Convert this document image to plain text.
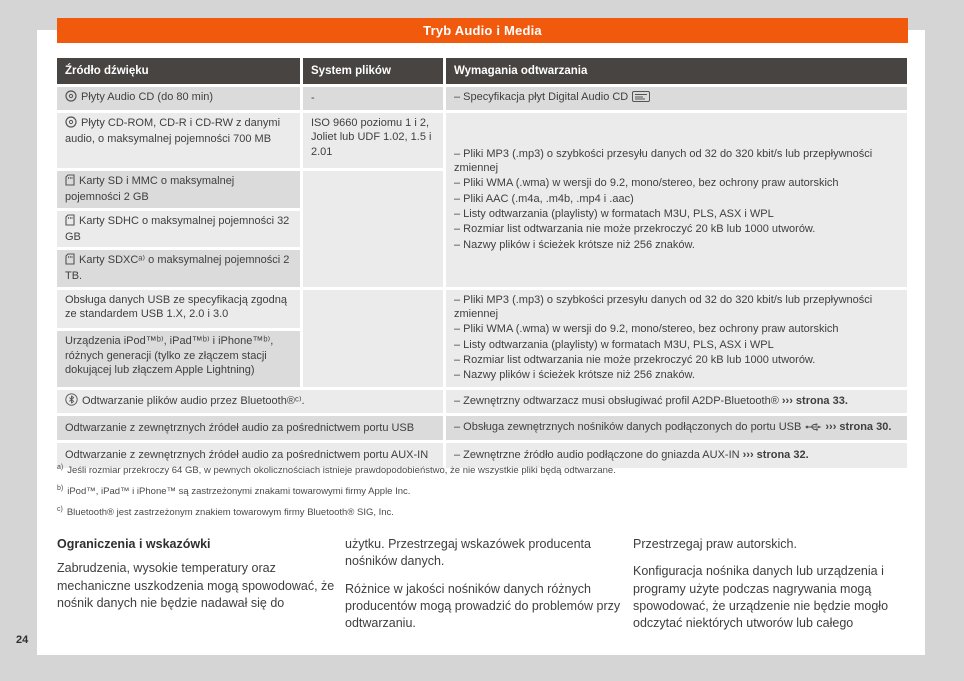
Tryb Audio i Media
Źródło dźwięku	System plików	Wymagania odtwarzania
Płyty Audio CD (do 80 min)	-	– Specyfikacja płyt Digital Audio CD
Płyty CD-ROM, CD-R i CD-RW z danymi audio, o maksymalnej pojemności 700 MB	ISO 9660 poziomu 1 i 2, Joliet lub UDF 1.02, 1.5 i 2.01	– Pliki MP3 (.mp3) o szybkości przesyłu danych od 32 do 320 kbit/s lub przepływności zmiennej
– Pliki WMA (.wma) w wersji do 9.2, mono/stereo, bez ochrony praw autorskich
– Pliki AAC (.m4a, .m4b, .mp4 i .aac)
– Listy odtwarzania (playlisty) w formatach M3U, PLS, ASX i WPL
– Rozmiar list odtwarzania nie może przekroczyć 20 kB lub 1000 utworów.
– Nazwy plików i ścieżek krótsze niż 256 znaków.

Karty SD i MMC o maksymalnej pojemności 2 GB		
Karty SDHC o maksymalnej pojemności 32 GB		
Karty SDXCᵃ⁾ o maksymalnej pojemności 2 TB.		
Obsługa danych USB ze specyfikacją zgodną ze standardem USB 1.X, 2.0 i 3.0		– Pliki MP3 (.mp3) o szybkości przesyłu danych od 32 do 320 kbit/s lub przepływności zmiennej
– Pliki WMA (.wma) w wersji do 9.2, mono/stereo, bez ochrony praw autorskich
– Listy odtwarzania (playlisty) w formatach M3U, PLS, ASX i WPL
– Rozmiar list odtwarzania nie może przekroczyć 20 kB lub 1000 utworów.
– Nazwy plików i ścieżek krótsze niż 256 znaków.

Urządzenia iPod™ᵇ⁾, iPad™ᵇ⁾ i iPhone™ᵇ⁾, różnych generacji (tylko ze złączem stacji dokującej lub złączem Apple Lightning)		
Odtwarzanie plików audio przez Bluetooth®ᶜ⁾.		– Zewnętrzny odtwarzacz musi obsługiwać profil A2DP-Bluetooth® ››› strona 33.
Odtwarzanie z zewnętrznych źródeł audio za pośrednictwem portu USB		– Obsługa zewnętrznych nośników danych podłączonych do portu USB ››› strona 30.
Odtwarzanie z zewnętrznych źródeł audio za pośrednictwem portu AUX-IN		– Zewnętrzne źródło audio podłączone do gniazda AUX-IN ››› strona 32.
$^{a)}$ Jeśli rozmiar przekroczy 64 GB, w pewnych okolicznościach istnieje prawdopodobieństwo, że nie wszystkie pliki będą odtwarzane.
$^{b)}$ iPod™, iPad™ i iPhone™ są zastrzeżonymi znakami towarowymi firmy Apple Inc.
$^{c)}$ Bluetooth® jest zastrzeżonym znakiem towarowym firmy Bluetooth® SIG, Inc.
Ograniczenia i wskazówki

Zabrudzenia, wysokie temperatury oraz mechaniczne uszkodzenia mogą spowodować, że nośnik danych nie będzie nadawał się do

użytku. Przestrzegaj wskazówek producenta nośników danych.

Różnice w jakości nośników danych różnych producentów mogą prowadzić do problemów przy odtwarzaniu.

Przestrzegaj praw autorskich.

Konfiguracja nośnika danych lub urządzenia i programy użyte podczas nagrywania mogą spowodować, że urządzenie nie będzie mogło odczytać niektórych utworów lub całego

24
